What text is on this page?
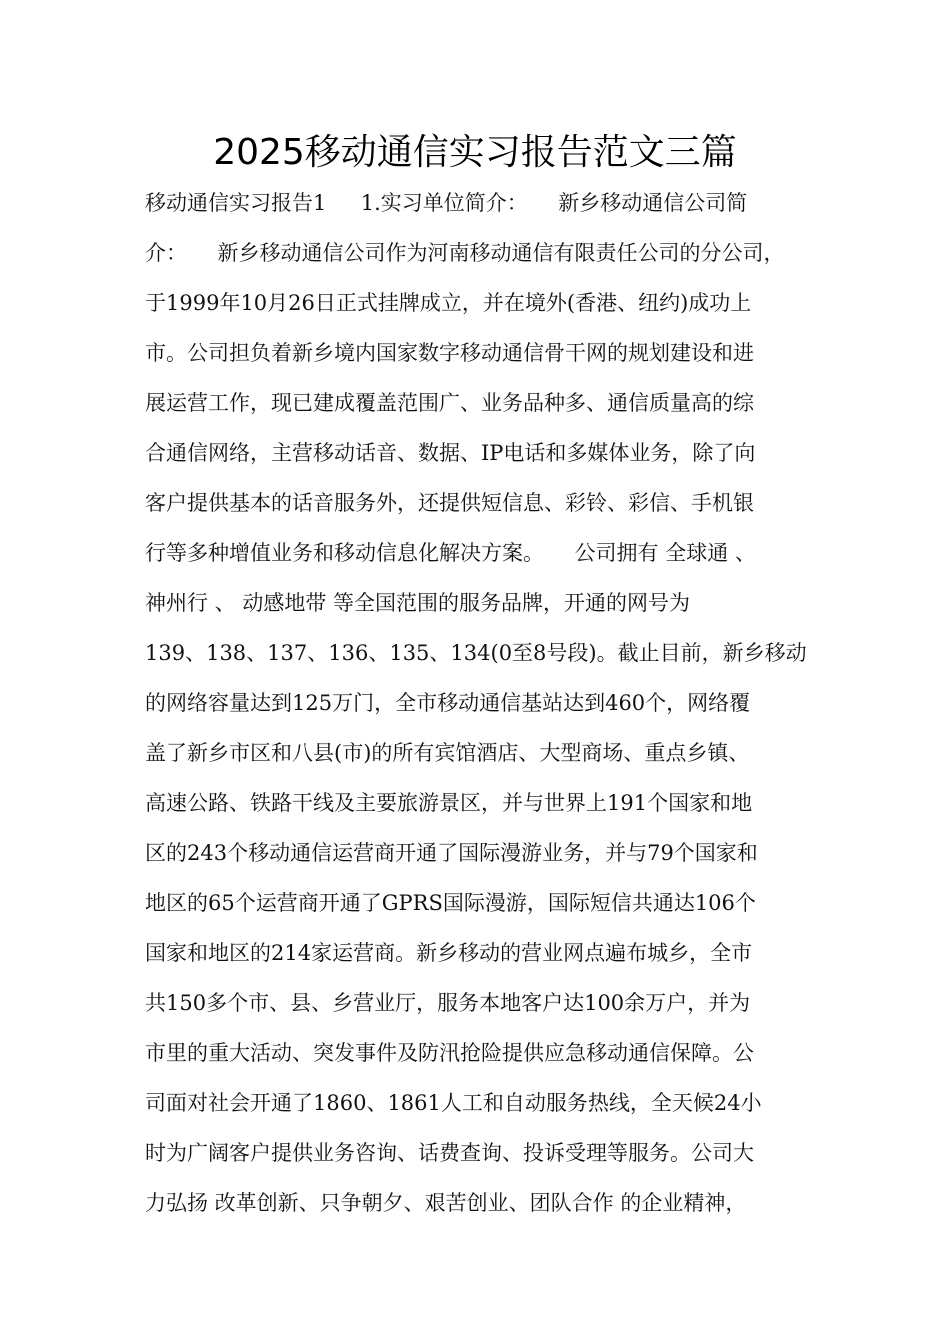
2025移动通信实习报告范文三篇
移动通信实习报告1　  1.实习单位简介：　   新乡移动通信公司简
介：　   新乡移动通信公司作为河南移动通信有限责任公司的分公司，
于1999年10月26日正式挂牌成立，并在境外(香港、纽约)成功上
市。公司担负着新乡境内国家数字移动通信骨干网的规划建设和进
展运营工作，现已建成覆盖范围广、业务品种多、通信质量高的综
合通信网络，主营移动话音、数据、IP电话和多媒体业务，除了向
客户提供基本的话音服务外，还提供短信息、彩铃、彩信、手机银
行等多种增值业务和移动信息化解决方案。　   公司拥有 全球通 、
神州行 、 动感地带 等全国范围的服务品牌，开通的网号为
139、138、137、136、135、134(0至8号段)。截止目前，新乡移动
的网络容量达到125万门，全市移动通信基站达到460个，网络覆
盖了新乡市区和八县(市)的所有宾馆酒店、大型商场、重点乡镇、
高速公路、铁路干线及主要旅游景区，并与世界上191个国家和地
区的243个移动通信运营商开通了国际漫游业务，并与79个国家和
地区的65个运营商开通了GPRS国际漫游，国际短信共通达106个
国家和地区的214家运营商。新乡移动的营业网点遍布城乡，全市
共150多个市、县、乡营业厅，服务本地客户达100余万户，并为
市里的重大活动、突发事件及防汛抢险提供应急移动通信保障。公
司面对社会开通了1860、1861人工和自动服务热线，全天候24小
时为广阔客户提供业务咨询、话费查询、投诉受理等服务。公司大
力弘扬 改革创新、只争朝夕、艰苦创业、团队合作 的企业精神，
